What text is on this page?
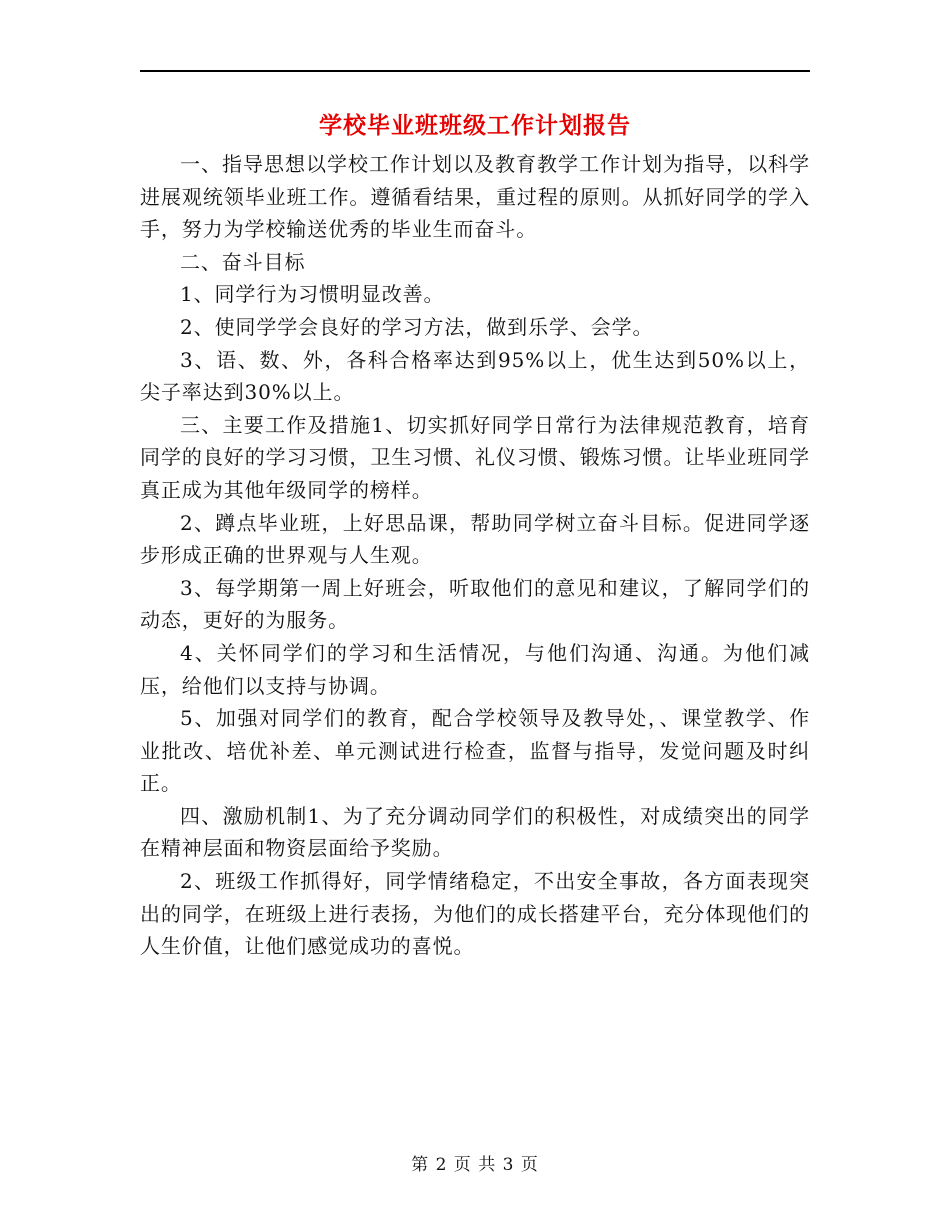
学校毕业班班级工作计划报告

一、指导思想以学校工作计划以及教育教学工作计划为指导，以科学进展观统领毕业班工作。遵循看结果，重过程的原则。从抓好同学的学入手，努力为学校输送优秀的毕业生而奋斗。

二、奋斗目标

1、同学行为习惯明显改善。

2、使同学学会良好的学习方法，做到乐学、会学。

3、语、数、外，各科合格率达到95%以上，优生达到50%以上，尖子率达到30%以上。

三、主要工作及措施1、切实抓好同学日常行为法律规范教育，培育同学的良好的学习习惯，卫生习惯、礼仪习惯、锻炼习惯。让毕业班同学真正成为其他年级同学的榜样。

2、蹲点毕业班，上好思品课，帮助同学树立奋斗目标。促进同学逐步形成正确的世界观与人生观。

3、每学期第一周上好班会，听取他们的意见和建议，了解同学们的动态，更好的为服务。

4、关怀同学们的学习和生活情况，与他们沟通、沟通。为他们减压，给他们以支持与协调。

5、加强对同学们的教育，配合学校领导及教导处，、课堂教学、作业批改、培优补差、单元测试进行检查，监督与指导，发觉问题及时纠正。

四、激励机制1、为了充分调动同学们的积极性，对成绩突出的同学在精神层面和物资层面给予奖励。

2、班级工作抓得好，同学情绪稳定，不出安全事故，各方面表现突出的同学，在班级上进行表扬，为他们的成长搭建平台，充分体现他们的人生价值，让他们感觉成功的喜悦。

第 2 页 共 3 页
